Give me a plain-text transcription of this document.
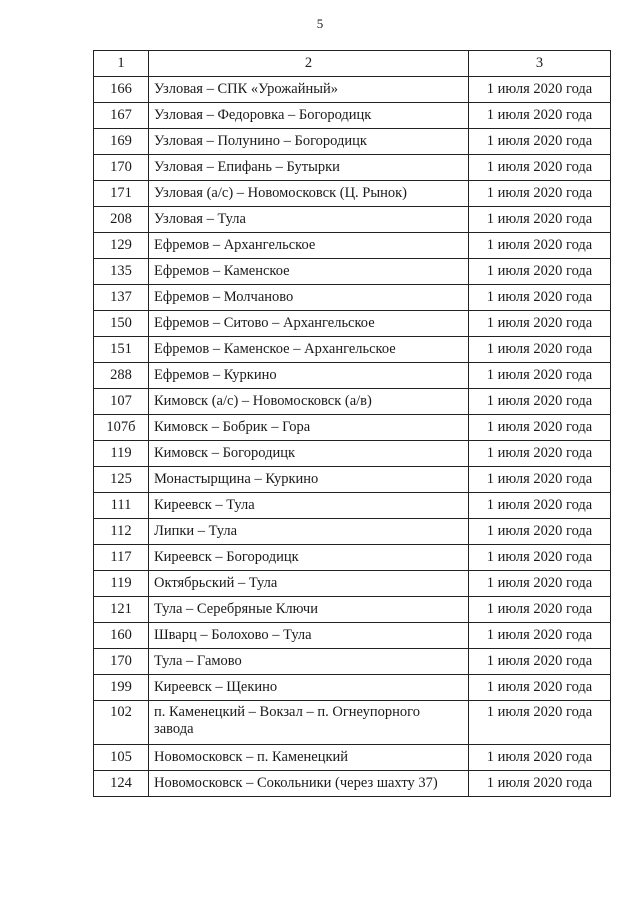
5
1	2	3
166	Узловая – СПК «Урожайный»	1 июля 2020 года
167	Узловая – Федоровка – Богородицк	1 июля 2020 года
169	Узловая – Полунино – Богородицк	1 июля 2020 года
170	Узловая – Епифань – Бутырки	1 июля 2020 года
171	Узловая (а/с) – Новомосковск (Ц. Рынок)	1 июля 2020 года
208	Узловая – Тула	1 июля 2020 года
129	Ефремов – Архангельское	1 июля 2020 года
135	Ефремов – Каменское	1 июля 2020 года
137	Ефремов – Молчаново	1 июля 2020 года
150	Ефремов – Ситово – Архангельское	1 июля 2020 года
151	Ефремов – Каменское – Архангельское	1 июля 2020 года
288	Ефремов – Куркино	1 июля 2020 года
107	Кимовск (а/с) – Новомосковск (а/в)	1 июля 2020 года
107б	Кимовск – Бобрик – Гора	1 июля 2020 года
119	Кимовск – Богородицк	1 июля 2020 года
125	Монастырщина – Куркино	1 июля 2020 года
111	Киреевск – Тула	1 июля 2020 года
112	Липки – Тула	1 июля 2020 года
117	Киреевск – Богородицк	1 июля 2020 года
119	Октябрьский – Тула	1 июля 2020 года
121	Тула – Серебряные Ключи	1 июля 2020 года
160	Шварц – Болохово – Тула	1 июля 2020 года
170	Тула – Гамово	1 июля 2020 года
199	Киреевск – Щекино	1 июля 2020 года
102	п. Каменецкий – Вокзал – п. Огнеупорного завода	1 июля 2020 года
105	Новомосковск – п. Каменецкий	1 июля 2020 года
124	Новомосковск – Сокольники (через шахту 37)	1 июля 2020 года
